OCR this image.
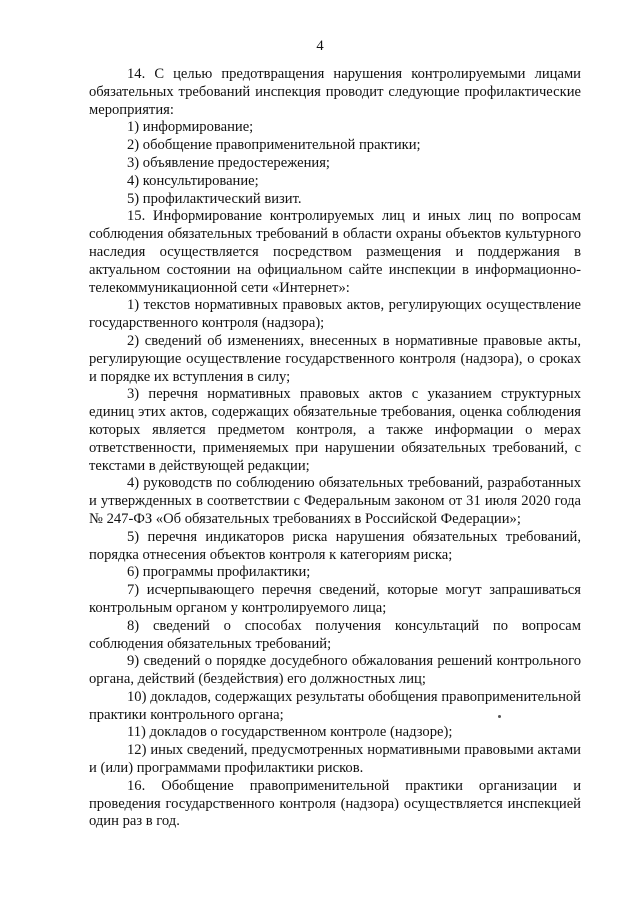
4

14. С целью предотвращения нарушения контролируемыми лицами обязательных требований инспекция проводит следующие профилактические мероприятия:

1) информирование;

2) обобщение правоприменительной практики;

3) объявление предостережения;

4) консультирование;

5) профилактический визит.

15. Информирование контролируемых лиц и иных лиц по вопросам соблюдения обязательных требований в области охраны объектов культурного наследия осуществляется посредством размещения и поддержания в актуальном состоянии на официальном сайте инспекции в информационно-телекоммуникационной сети «Интернет»:

1) текстов нормативных правовых актов, регулирующих осуществление государственного контроля (надзора);

2) сведений об изменениях, внесенных в нормативные правовые акты, регулирующие осуществление государственного контроля (надзора), о сроках и порядке их вступления в силу;

3) перечня нормативных правовых актов с указанием структурных единиц этих актов, содержащих обязательные требования, оценка соблюдения которых является предметом контроля, а также информации о мерах ответственности, применяемых при нарушении обязательных требований, с текстами в действующей редакции;

4) руководств по соблюдению обязательных требований, разработанных и утвержденных в соответствии с Федеральным законом от 31 июля 2020 года № 247-ФЗ «Об обязательных требованиях в Российской Федерации»;

5) перечня индикаторов риска нарушения обязательных требований, порядка отнесения объектов контроля к категориям риска;

6) программы профилактики;

7) исчерпывающего перечня сведений, которые могут запрашиваться контрольным органом у контролируемого лица;

8) сведений о способах получения консультаций по вопросам соблюдения обязательных требований;

9) сведений о порядке досудебного обжалования решений контрольного органа, действий (бездействия) его должностных лиц;

10) докладов, содержащих результаты обобщения правоприменительной практики контрольного органа;

11) докладов о государственном контроле (надзоре);

12) иных сведений, предусмотренных нормативными правовыми актами и (или) программами профилактики рисков.

16. Обобщение правоприменительной практики организации и проведения государственного контроля (надзора) осуществляется инспекцией один раз в год.
